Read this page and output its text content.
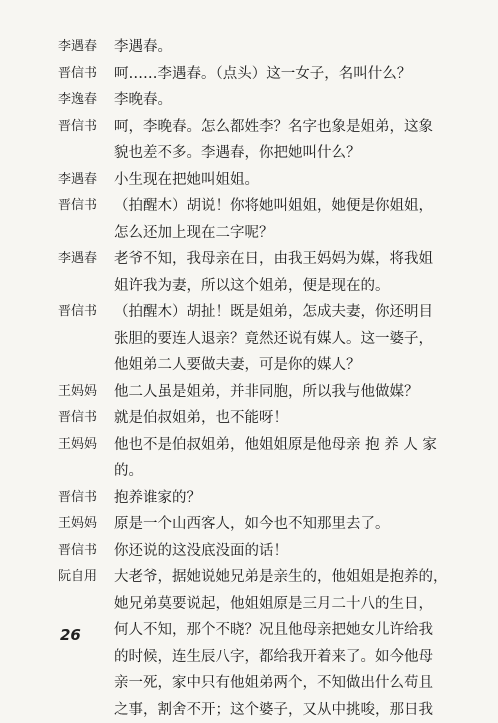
李遇春	李遇春。
晋信书	呵……李遇春。（点头）这一女子，名叫什么？
李逸春	李晚春。
晋信书	呵，李晚春。怎么都姓李？名字也象是姐弟，这象
貌也差不多。李遇春，你把她叫什么？
李遇春	小生现在把她叫姐姐。
晋信书	（拍醒木）胡说！你将她叫姐姐，她便是你姐姐，
怎么还加上现在二字呢？
李遇春	老爷不知，我母亲在日，由我王妈妈为媒，将我姐
姐许我为妻，所以这个姐弟，便是现在的。
晋信书	（拍醒木）胡扯！既是姐弟，怎成夫妻，你还明目
张胆的要连人退亲？竟然还说有媒人。这一婆子，
他姐弟二人要做夫妻，可是你的媒人？
王妈妈	他二人虽是姐弟，并非同胞，所以我与他做媒？
晋信书	就是伯叔姐弟，也不能呀！
王妈妈	他也不是伯叔姐弟，他姐姐原是他母亲 抱 养 人 家
的。
晋信书	抱养谁家的？
王妈妈	原是一个山西客人，如今也不知那里去了。
晋信书	你还说的这没底没面的话！
阮自用	大老爷，据她说她兄弟是亲生的，他姐姐是抱养的，
她兄弟莫要说起，他姐姐原是三月二十八的生日，
何人不知，那个不晓？况且他母亲把她女儿许给我
的时候，连生辰八字，都给我开着来了。如今他母
亲一死，家中只有他姐弟两个，不知做出什么苟且
之事，割舍不开；这个婆子，又从中挑唆，那日我
26
